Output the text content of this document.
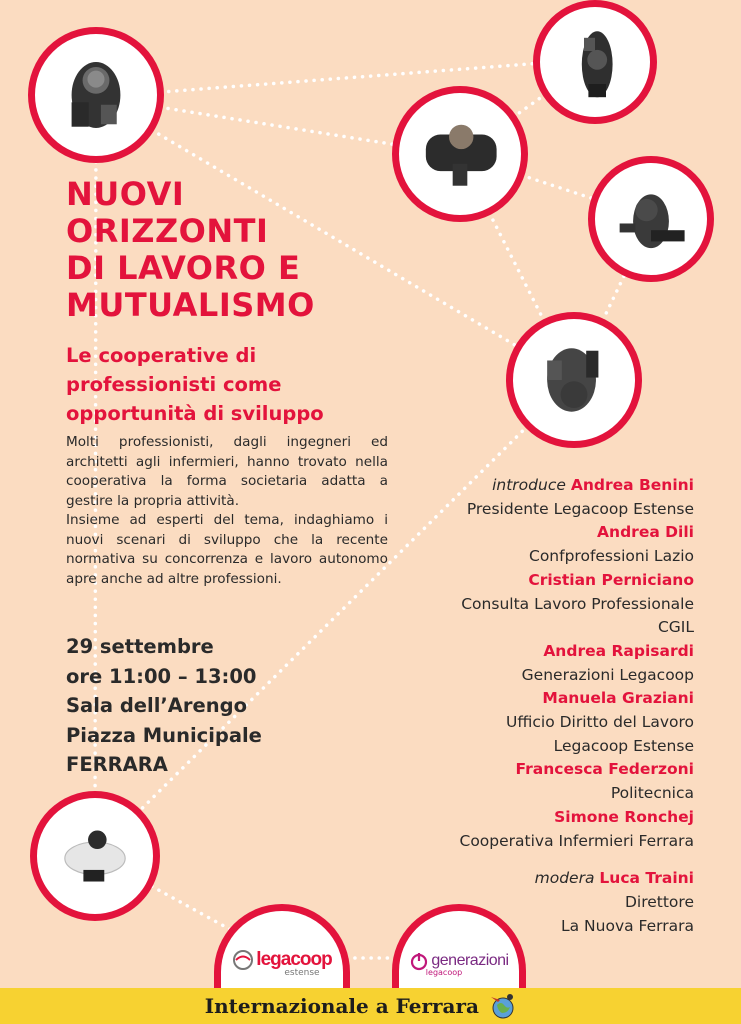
legacoop
estense
generazioni
legacoop
NUOVI
ORIZZONTI
DI LAVORO E
MUTUALISMO
Le cooperative di
professionisti come
opportunità di sviluppo

Molti professionisti, dagli ingegneri ed architetti agli infermieri, hanno trovato nella cooperativa la forma societaria adatta a gestire la propria attività.

Insieme ad esperti del tema, indaghiamo i nuovi scenari di sviluppo che la recente normativa su concorrenza e lavoro autonomo apre anche ad altre professioni.

29 settembre
ore 11:00 – 13:00
Sala dell’Arengo
Piazza Municipale
FERRARA
introduce Andrea Benini
Presidente Legacoop Estense
Andrea Dili
Confprofessioni Lazio
Cristian Perniciano
Consulta Lavoro Professionale
CGIL
Andrea Rapisardi
Generazioni Legacoop
Manuela Graziani
Ufficio Diritto del Lavoro
Legacoop Estense
Francesca Federzoni
Politecnica
Simone Ronchej
Cooperativa Infermieri Ferrara
modera Luca Traini
Direttore
La Nuova Ferrara
Internazionale a Ferrara
